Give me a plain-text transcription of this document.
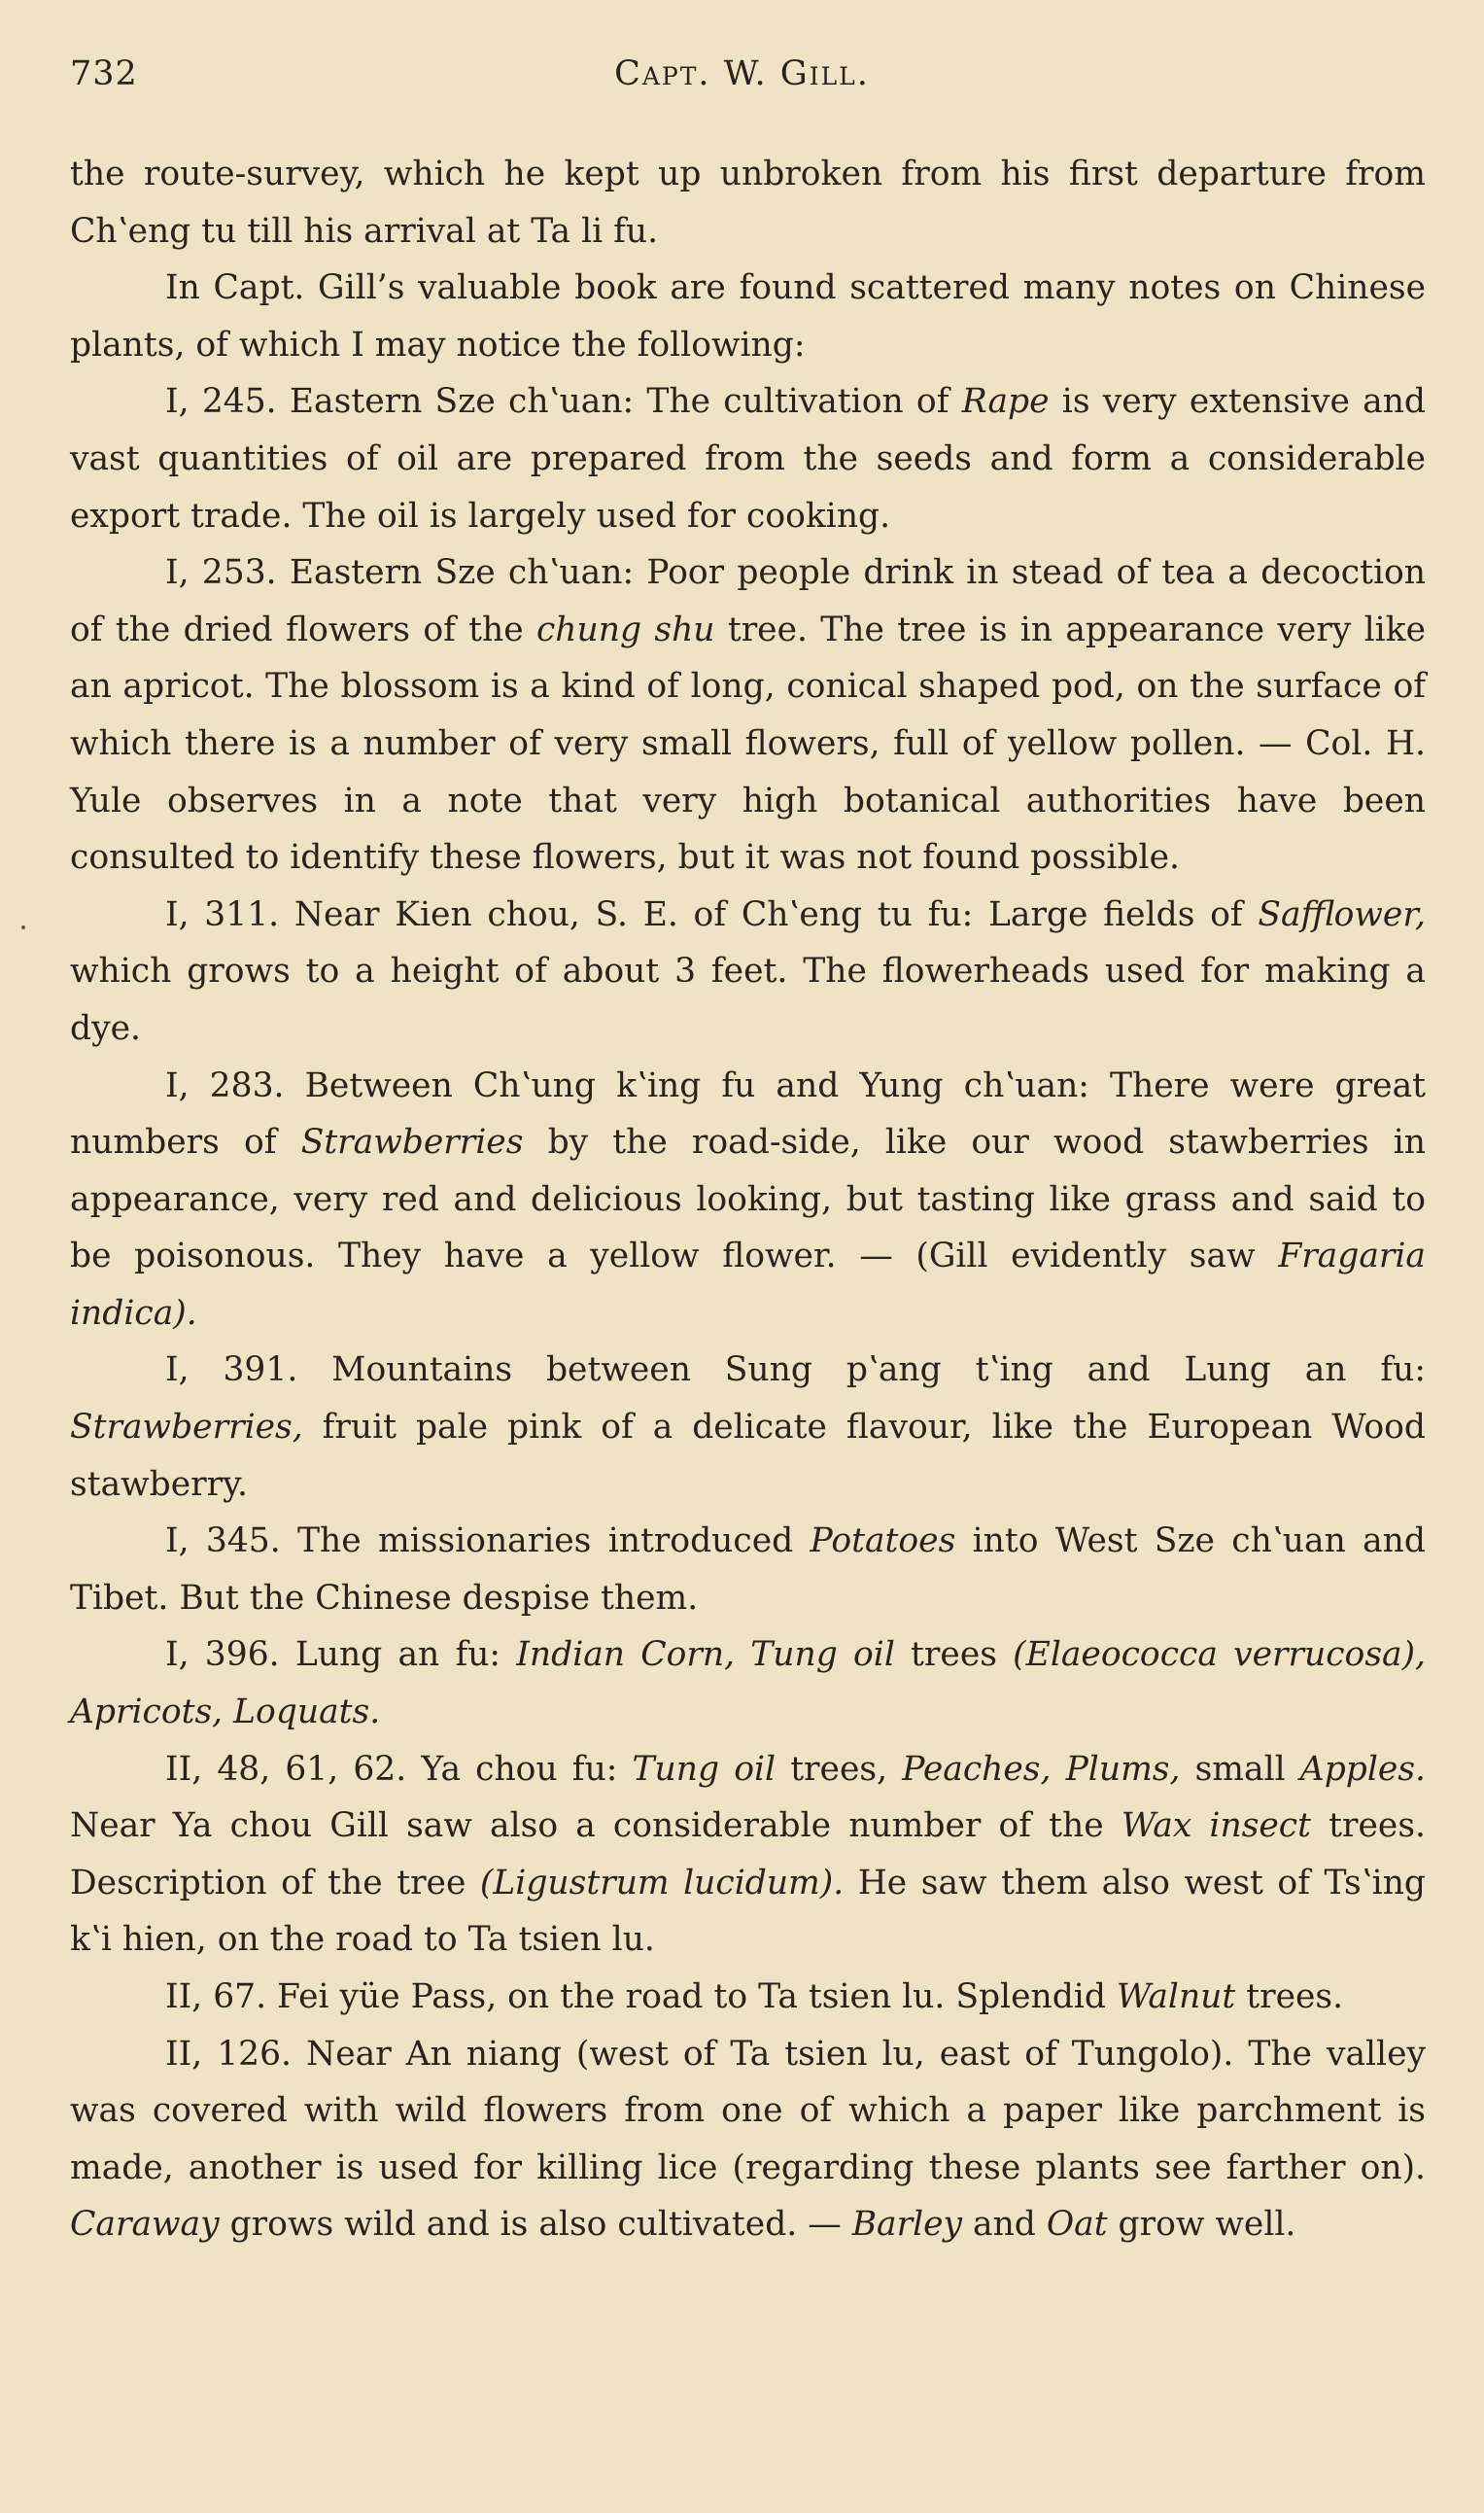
732	Capt. W. Gill.

the route-survey, which he kept up unbroken from his first departure from Chʽeng tu till his arrival at Ta li fu.

In Capt. Gill’s valuable book are found scattered many notes on Chinese plants, of which I may notice the following:

I, 245. Eastern Sze chʽuan: The cultivation of Rape is very extensive and vast quantities of oil are prepared from the seeds and form a considerable export trade. The oil is largely used for cooking.

I, 253. Eastern Sze chʽuan: Poor people drink in stead of tea a decoction of the dried flowers of the chung shu tree. The tree is in appearance very like an apricot. The blossom is a kind of long, conical shaped pod, on the surface of which there is a number of very small flowers, full of yellow pollen. — Col. H. Yule observes in a note that very high botanical authorities have been consulted to identify these flowers, but it was not found possible.

I, 311. Near Kien chou, S. E. of Chʽeng tu fu: Large fields of Safflower, which grows to a height of about 3 feet. The flowerheads used for making a dye.

I, 283. Between Chʽung kʽing fu and Yung chʽuan: There were great numbers of Strawberries by the road-side, like our wood stawberries in appearance, very red and delicious looking, but tasting like grass and said to be poisonous. They have a yellow flower. — (Gill evidently saw Fragaria indica).

I, 391. Mountains between Sung pʽang tʽing and Lung an fu: Strawberries, fruit pale pink of a delicate flavour, like the European Wood stawberry.

I, 345. The missionaries introduced Potatoes into West Sze chʽuan and Tibet. But the Chinese despise them.

I, 396. Lung an fu: Indian Corn, Tung oil trees (Elaeococca verrucosa), Apricots, Loquats.

II, 48, 61, 62. Ya chou fu: Tung oil trees, Peaches, Plums, small Apples. Near Ya chou Gill saw also a considerable number of the Wax insect trees. Description of the tree (Ligustrum lucidum). He saw them also west of Tsʽing kʽi hien, on the road to Ta tsien lu.

II, 67. Fei yüe Pass, on the road to Ta tsien lu. Splendid Walnut trees.

II, 126. Near An niang (west of Ta tsien lu, east of Tungolo). The valley was covered with wild flowers from one of which a paper like parchment is made, another is used for killing lice (regarding these plants see farther on). Caraway grows wild and is also cultivated. — Barley and Oat grow well.
